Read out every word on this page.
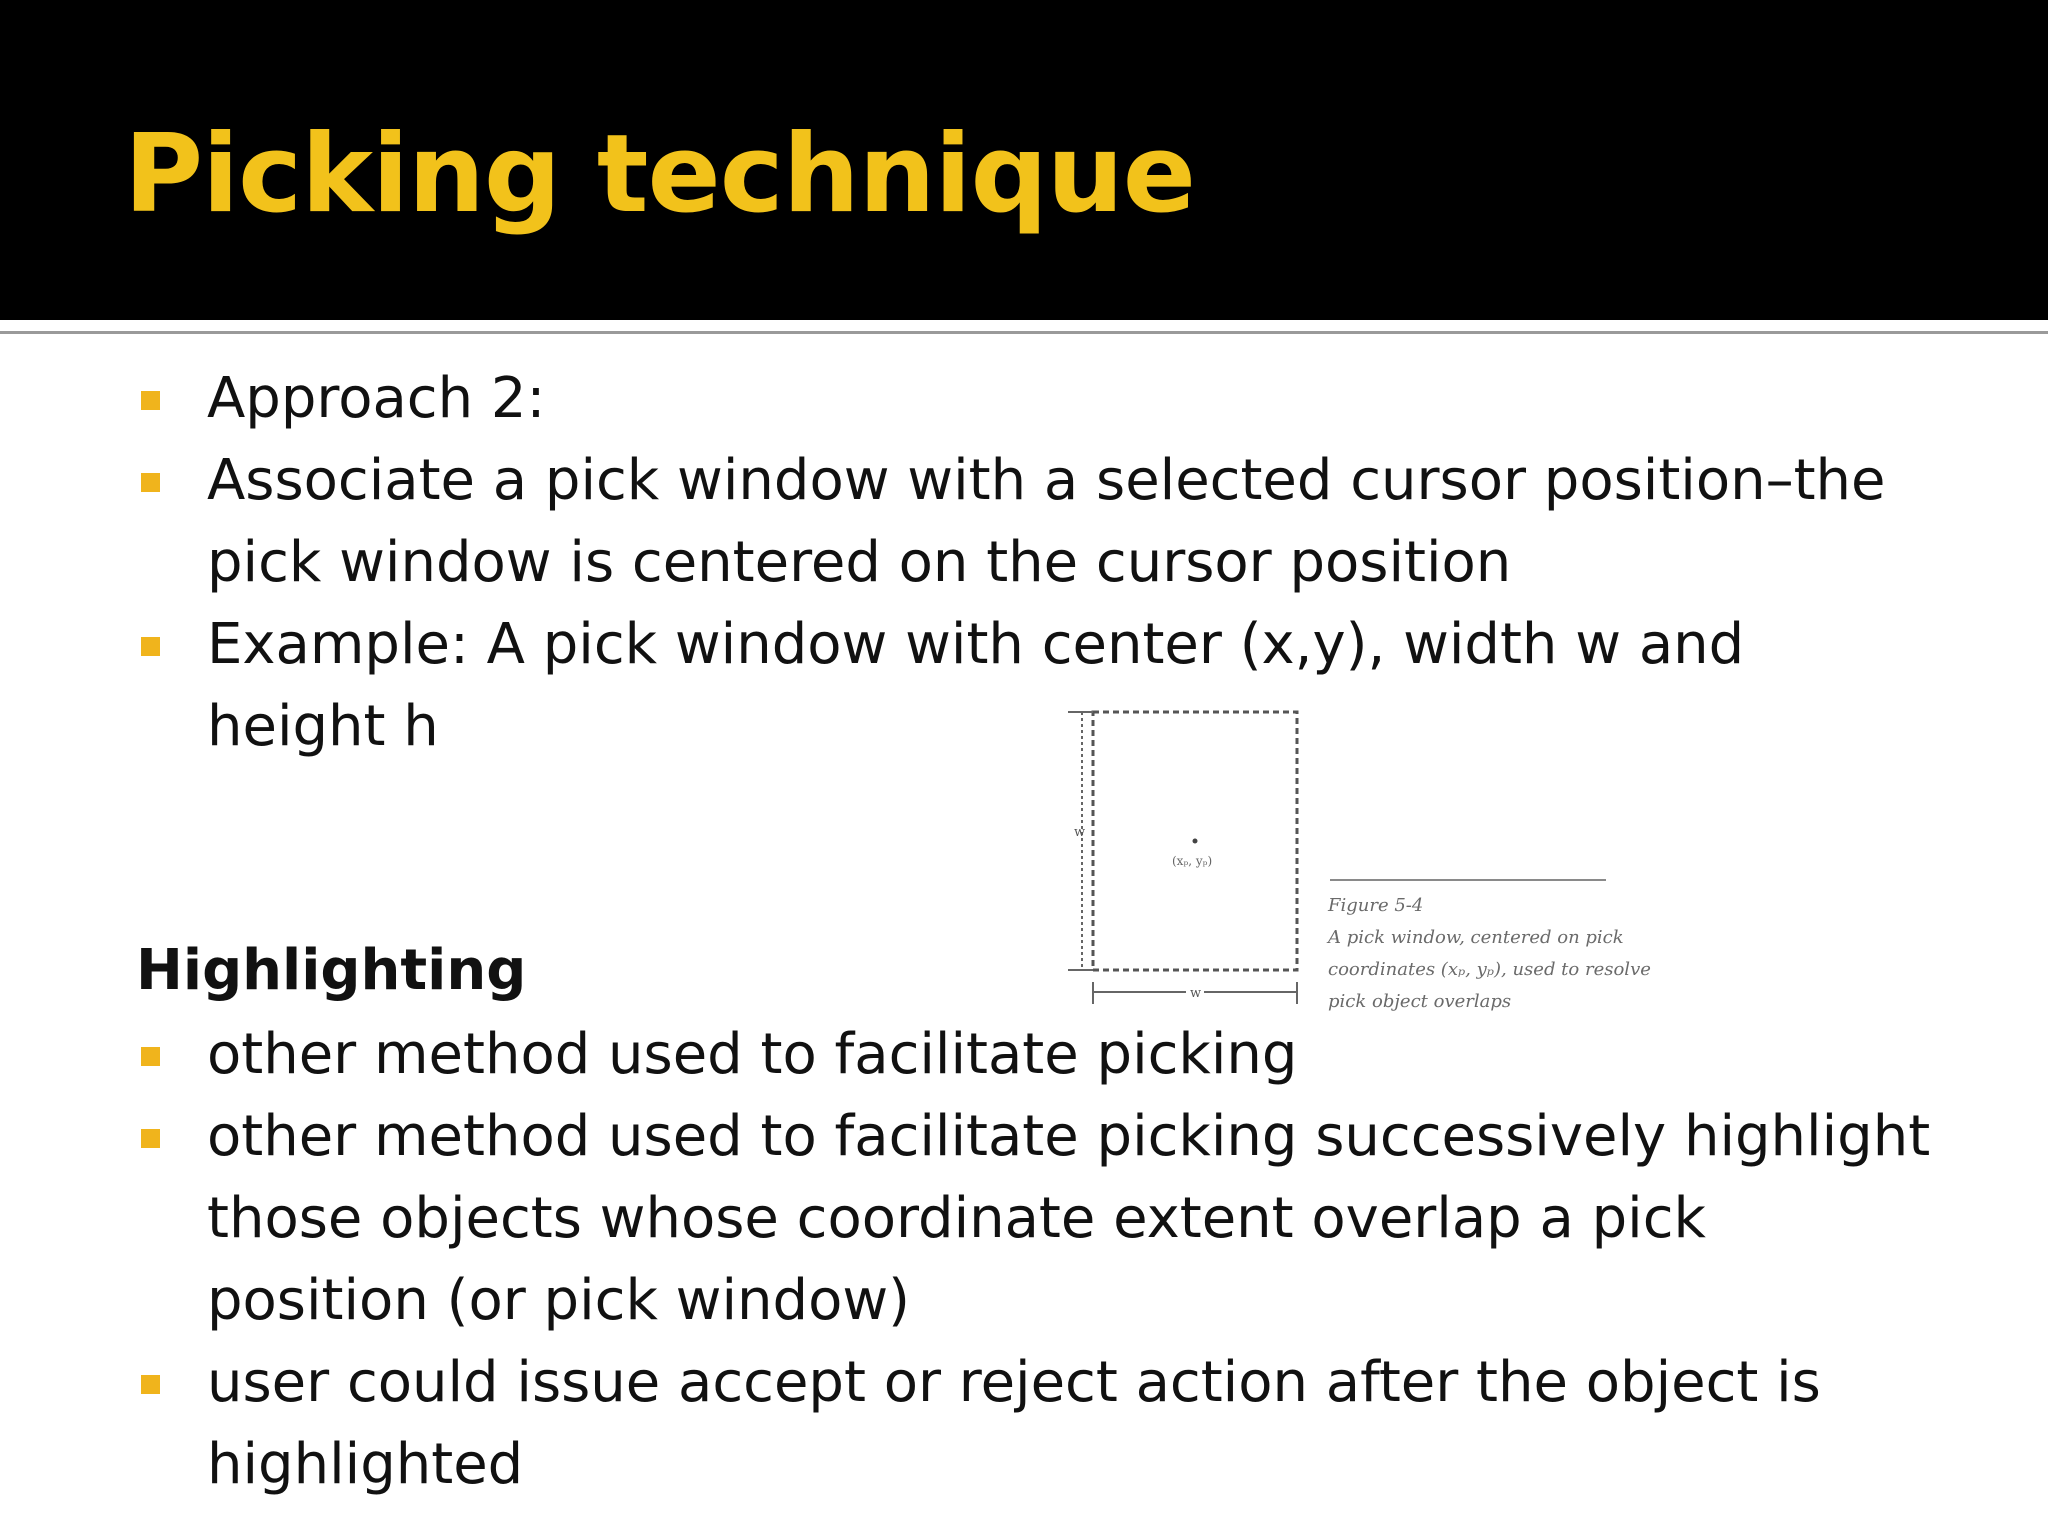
Picking technique
Approach 2:
Associate a pick window with a selected cursor position–the
pick window is centered on the cursor position
Example: A pick window with center (x,y), width w and
height h
w
w
(xₚ, yₚ)
Figure 5-4
A pick window, centered on pick
coordinates (xₚ, yₚ), used to resolve
pick object overlaps
Highlighting
other method used to facilitate picking
other method used to facilitate picking successively highlight
those objects whose coordinate extent overlap a pick
position (or pick window)
user could issue accept or reject action after the object is
highlighted
